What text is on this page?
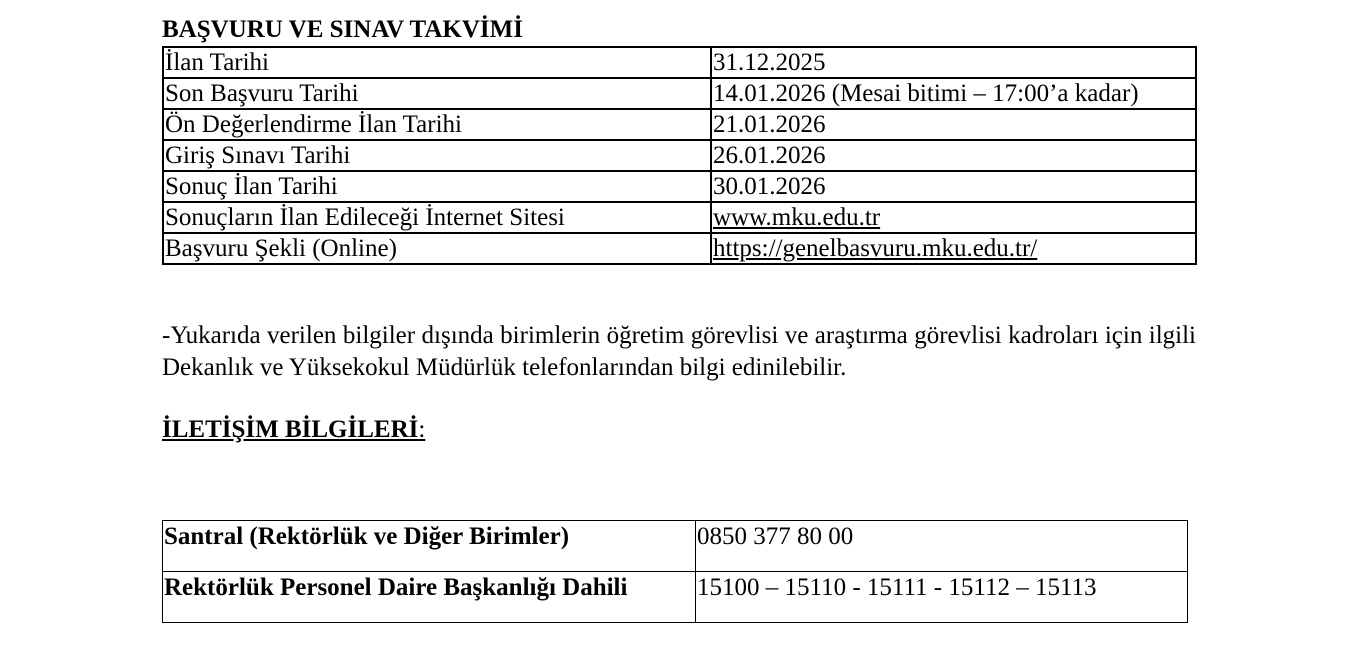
BAŞVURU VE SINAV TAKVİMİ
İlan Tarihi	31.12.2025
Son Başvuru Tarihi	14.01.2026 (Mesai bitimi – 17:00’a kadar)
Ön Değerlendirme İlan Tarihi	21.01.2026
Giriş Sınavı Tarihi	26.01.2026
Sonuç İlan Tarihi	30.01.2026
Sonuçların İlan Edileceği İnternet Sitesi	www.mku.edu.tr
Başvuru Şekli (Online)	https://genelbasvuru.mku.edu.tr/
-Yukarıda verilen bilgiler dışında birimlerin öğretim görevlisi ve araştırma görevlisi kadroları için ilgili Dekanlık ve Yüksekokul Müdürlük telefonlarından bilgi edinilebilir.
İLETİŞİM BİLGİLERİ:
Santral (Rektörlük ve Diğer Birimler)	0850 377 80 00
Rektörlük Personel Daire Başkanlığı Dahili	15100 – 15110 - 15111 - 15112 – 15113
